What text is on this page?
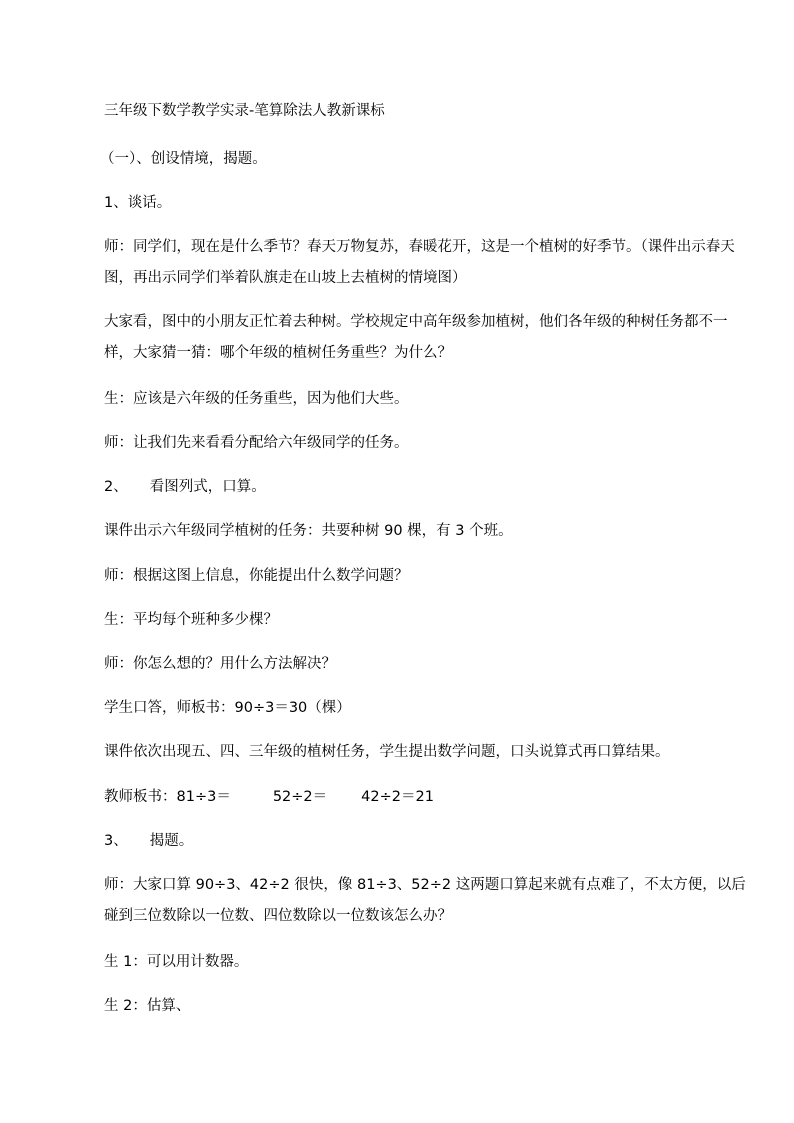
三年级下数学教学实录-笔算除法人教新课标
（一）、创设情境，揭题。
1、谈话。
师：同学们，现在是什么季节？春天万物复苏，春暖花开，这是一个植树的好季节。（课件出示春天图，再出示同学们举着队旗走在山坡上去植树的情境图）
大家看，图中的小朋友正忙着去种树。学校规定中高年级参加植树，他们各年级的种树任务都不一样，大家猜一猜：哪个年级的植树任务重些？为什么？
生：应该是六年级的任务重些，因为他们大些。
师：让我们先来看看分配给六年级同学的任务。
2、 看图列式，口算。
课件出示六年级同学植树的任务：共要种树 90 棵，有 3 个班。
师：根据这图上信息，你能提出什么数学问题？
生：平均每个班种多少棵？
师：你怎么想的？用什么方法解决？
学生口答，师板书：90÷3＝30（棵）
课件依次出现五、四、三年级的植树任务，学生提出数学问题，口头说算式再口算结果。
教师板书：81÷3＝	52÷2＝ 42÷2＝21
3、 揭题。
师：大家口算 90÷3、42÷2 很快，像 81÷3、52÷2 这两题口算起来就有点难了，不太方便，以后碰到三位数除以一位数、四位数除以一位数该怎么办？
生 1：可以用计数器。
生 2：估算、
